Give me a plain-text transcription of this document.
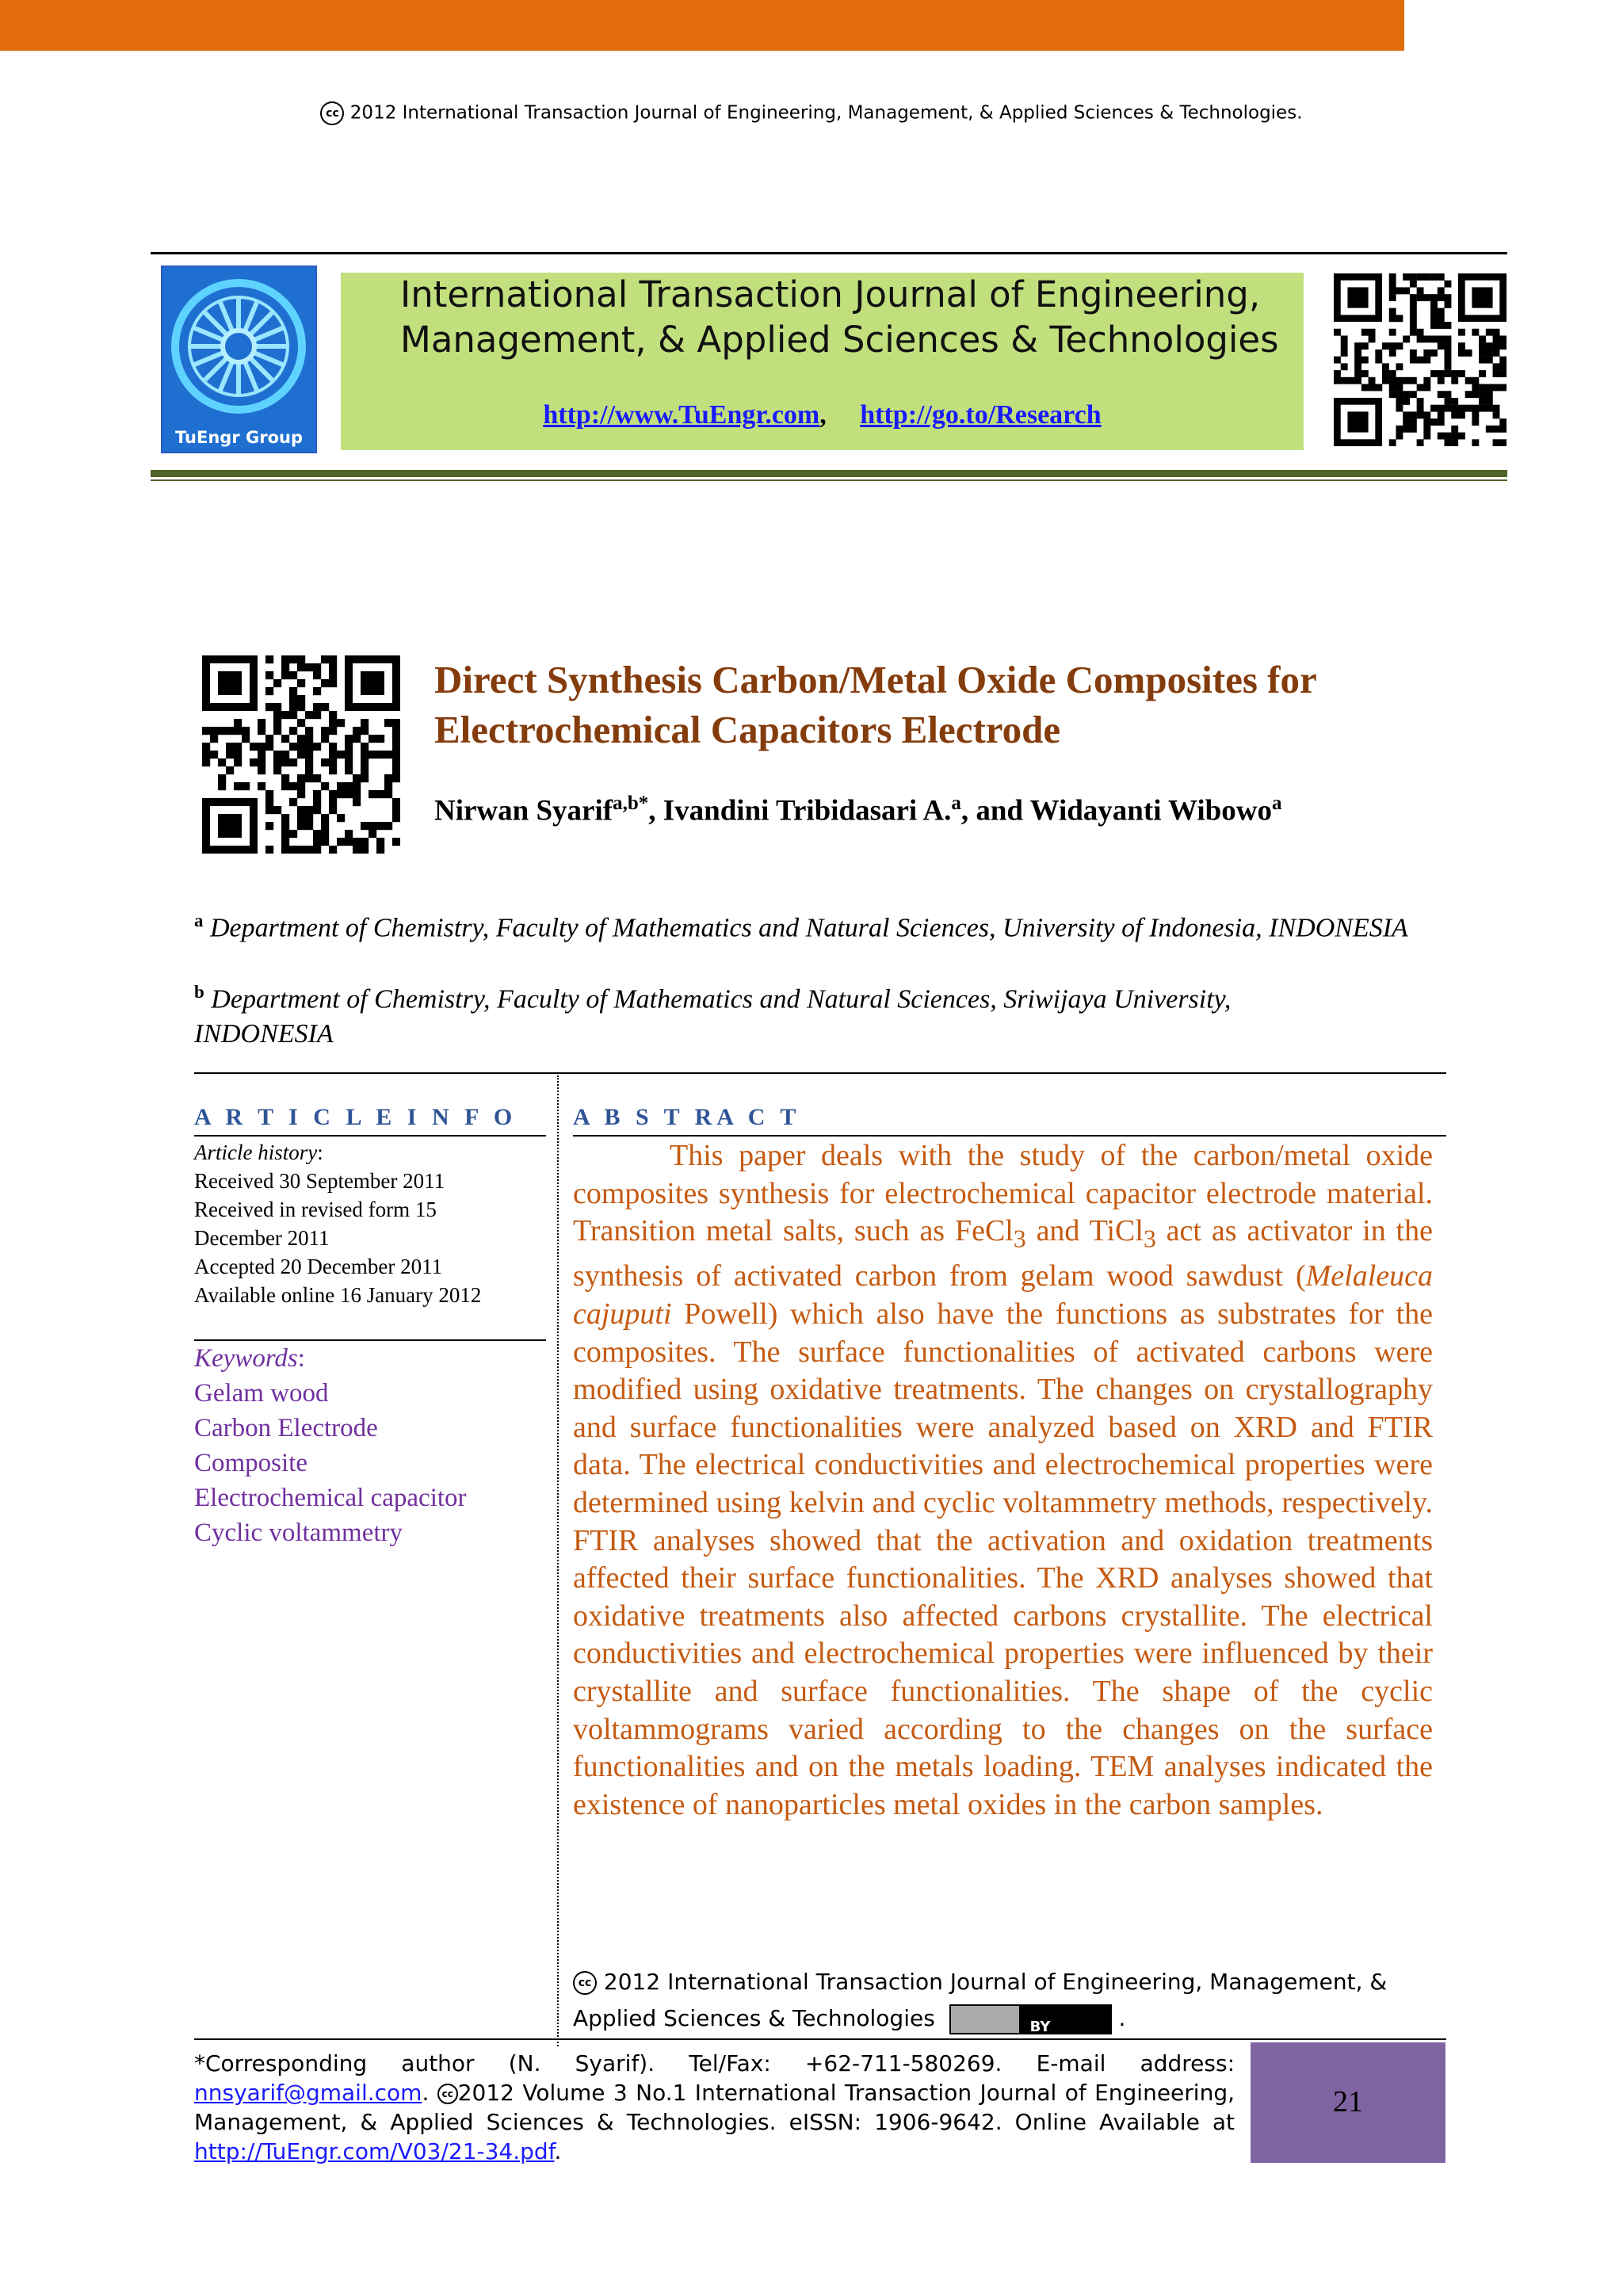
cc 2012 International Transaction Journal of Engineering, Management, & Applied Sciences & Technologies.
TuEngr Group
International Transaction Journal of Engineering,
Management, & Applied Sciences & Technologies
http://www.TuEngr.com, http://go.to/Research
Direct Synthesis Carbon/Metal Oxide Composites for
Electrochemical Capacitors Electrode
Nirwan Syarif$^{a,b*}$, Ivandini Tribidasari A.$^a$, and Widayanti Wibowo$^a$
$^a$ Department of Chemistry, Faculty of Mathematics and Natural Sciences, University of Indonesia, INDONESIA
$^b$ Department of Chemistry, Faculty of Mathematics and Natural Sciences, Sriwijaya University, INDONESIA
A R T I C L E I N F O
Article history:
Received 30 September 2011
Received in revised form 15
December 2011
Accepted 20 December 2011
Available online 16 January 2012
Keywords:
Gelam wood
Carbon Electrode
Composite
Electrochemical capacitor
Cyclic voltammetry
A B S T RA C T

This paper deals with the study of the carbon/metal oxide composites synthesis for electrochemical capacitor electrode material. Transition metal salts, such as FeCl$_3$ and TiCl$_3$ act as activator in the synthesis of activated carbon from gelam wood sawdust (Melaleuca cajuputi Powell) which also have the functions as substrates for the composites. The surface functionalities of activated carbons were modified using oxidative treatments. The changes on crystallography and surface functionalities were analyzed based on XRD and FTIR data. The electrical conductivities and electrochemical properties were determined using kelvin and cyclic voltammetry methods, respectively. FTIR analyses showed that the activation and oxidation treatments affected their surface functionalities. The XRD analyses showed that oxidative treatments also affected carbons crystallite. The electrical conductivities and electrochemical properties were influenced by their crystallite and surface functionalities. The shape of the cyclic voltammograms varied according to the changes on the surface functionalities and on the metals loading. TEM analyses indicated the existence of nanoparticles metal oxides in the carbon samples.

cc 2012 International Transaction Journal of Engineering, Management, &
Applied Sciences & Technologies	BY	.
*Corresponding author (N. Syarif). Tel/Fax: +62-711-580269. E-mail address: nnsyarif@gmail.com. cc 2012 Volume 3 No.1 International Transaction Journal of Engineering, Management, & Applied Sciences & Technologies. eISSN: 1906-9642. Online Available at http://TuEngr.com/V03/21-34.pdf.
21
